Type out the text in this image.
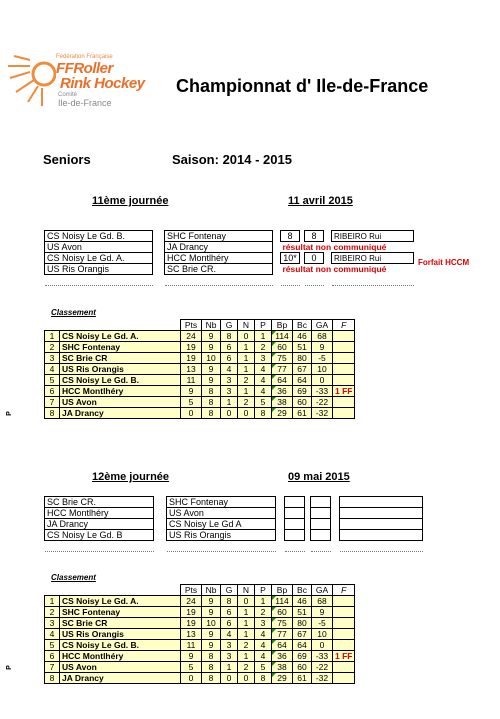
Fédération Française
FFRoller
Rink Hockey
Comité
Ile-de-France
Championnat d' Ile-de-France
Seniors	Saison: 2014 - 2015
11ème journée	11 avril 2015

CS Noisy Le Gd. B.		SHC Fontenay		8		8		RIBEIRO Rui
US Avon		JA Drancy		résultat non communiqué				
CS Noisy Le Gd. A.		HCC Montlhéry		10*		0		RIBEIRO Rui
US Ris Orangis		SC Brie CR.		résultat non communiqué				

Forfait HCCM
Classement
P
		Pts	Nb	G	N	P	Bp	Bc	GA	F
1	CS Noisy Le Gd. A.	24	9	8	0	1	114	46	68	
2	SHC Fontenay	19	9	6	1	2	60	51	9	
3	SC Brie CR	19	10	6	1	3	75	80	-5	
4	US Ris Orangis	13	9	4	1	4	77	67	10	
5	CS Noisy Le Gd. B.	11	9	3	2	4	64	64	0	
6	HCC Montlhéry	9	8	3	1	4	36	69	-33	1 FF
7	US Avon	5	8	1	2	5	38	60	-22	
8	JA Drancy	0	8	0	0	8	29	61	-32	
12ème journée	09 mai 2015
SC Brie CR.		SHC Fontenay						
HCC Montlhéry		US Avon						
JA Drancy		CS Noisy Le Gd A						
CS Noisy Le Gd. B		US Ris Orangis						

Classement
P
		Pts	Nb	G	N	P	Bp	Bc	GA	F
1	CS Noisy Le Gd. A.	24	9	8	0	1	114	46	68	
2	SHC Fontenay	19	9	6	1	2	60	51	9	
3	SC Brie CR	19	10	6	1	3	75	80	-5	
4	US Ris Orangis	13	9	4	1	4	77	67	10	
5	CS Noisy Le Gd. B.	11	9	3	2	4	64	64	0	
6	HCC Montlhéry	9	8	3	1	4	36	69	-33	1 FF
7	US Avon	5	8	1	2	5	38	60	-22	
8	JA Drancy	0	8	0	0	8	29	61	-32	
